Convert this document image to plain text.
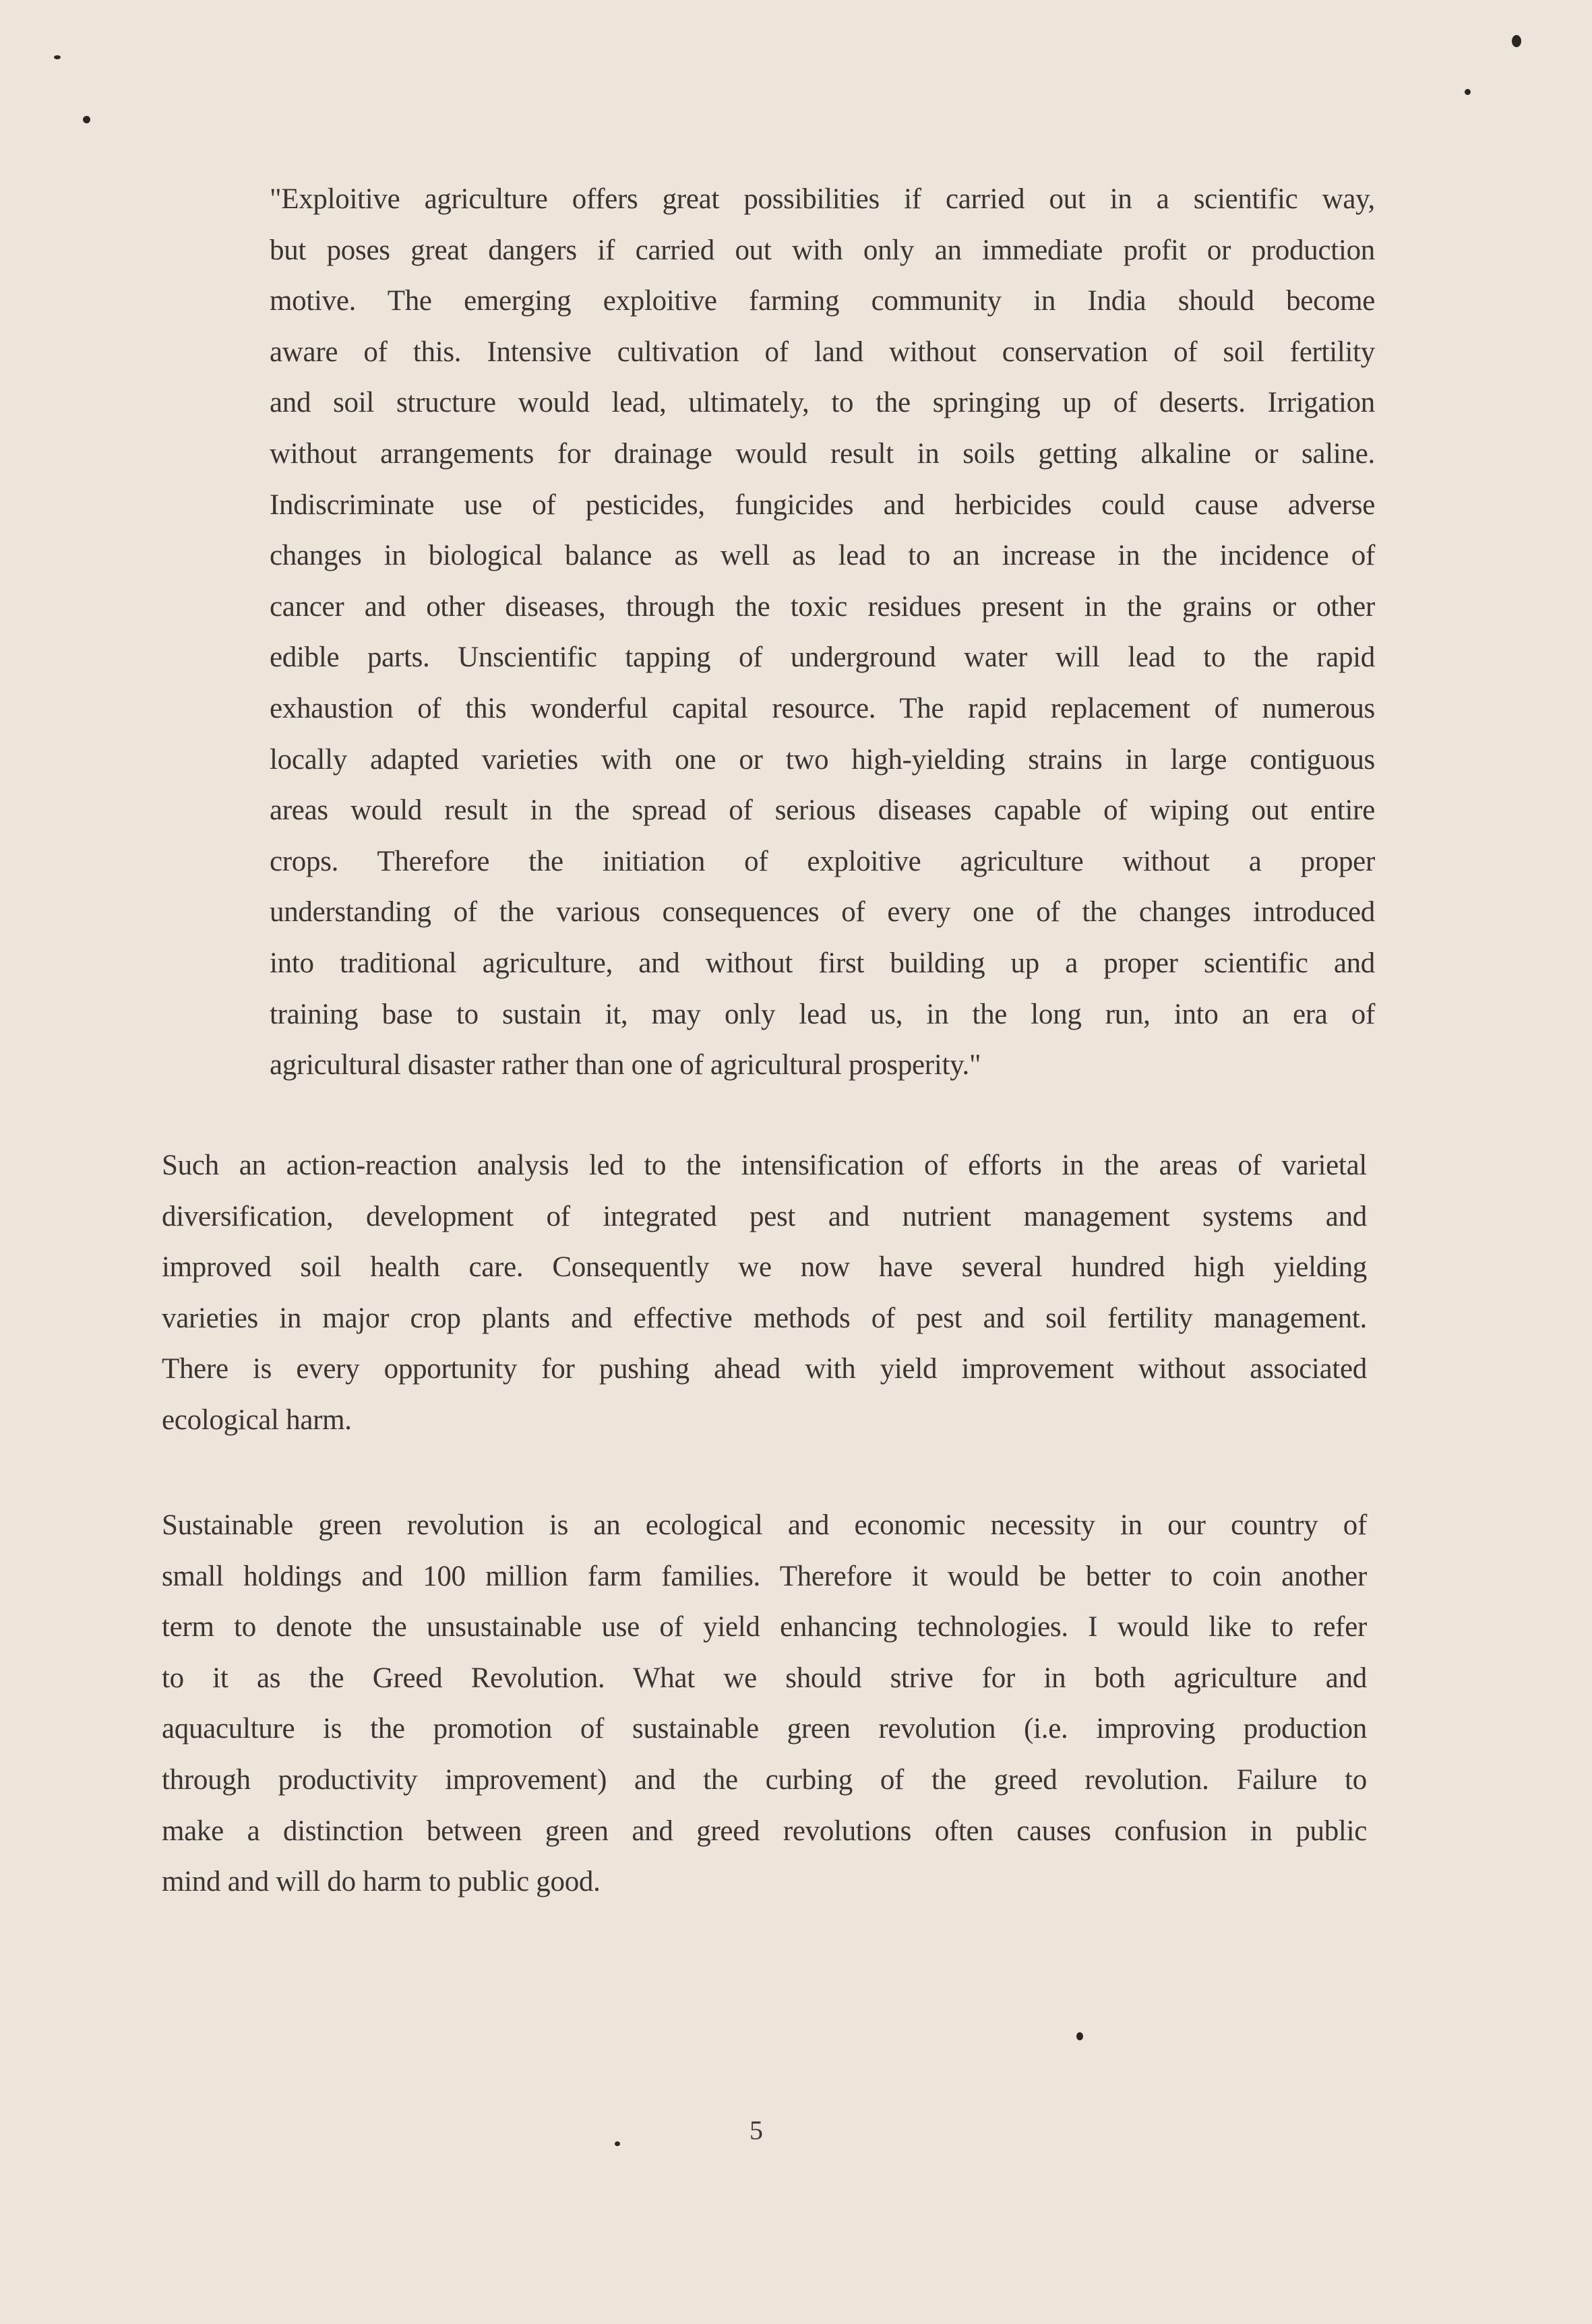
"Exploitive agriculture offers great possibilities if carried out in a scientific way,
but poses great dangers if carried out with only an immediate profit or production
motive. The emerging exploitive farming community in India should become
aware of this. Intensive cultivation of land without conservation of soil fertility
and soil structure would lead, ultimately, to the springing up of deserts. Irrigation
without arrangements for drainage would result in soils getting alkaline or saline.
Indiscriminate use of pesticides, fungicides and herbicides could cause adverse
changes in biological balance as well as lead to an increase in the incidence of
cancer and other diseases, through the toxic residues present in the grains or other
edible parts. Unscientific tapping of underground water will lead to the rapid
exhaustion of this wonderful capital resource. The rapid replacement of numerous
locally adapted varieties with one or two high-yielding strains in large contiguous
areas would result in the spread of serious diseases capable of wiping out entire
crops. Therefore the initiation of exploitive agriculture without a proper
understanding of the various consequences of every one of the changes introduced
into traditional agriculture, and without first building up a proper scientific and
training base to sustain it, may only lead us, in the long run, into an era of
agricultural disaster rather than one of agricultural prosperity."
Such an action-reaction analysis led to the intensification of efforts in the areas of varietal
diversification, development of integrated pest and nutrient management systems and
improved soil health care. Consequently we now have several hundred high yielding
varieties in major crop plants and effective methods of pest and soil fertility management.
There is every opportunity for pushing ahead with yield improvement without associated
ecological harm.
Sustainable green revolution is an ecological and economic necessity in our country of
small holdings and 100 million farm families. Therefore it would be better to coin another
term to denote the unsustainable use of yield enhancing technologies. I would like to refer
to it as the Greed Revolution. What we should strive for in both agriculture and
aquaculture is the promotion of sustainable green revolution (i.e. improving production
through productivity improvement) and the curbing of the greed revolution. Failure to
make a distinction between green and greed revolutions often causes confusion in public
mind and will do harm to public good.
5
